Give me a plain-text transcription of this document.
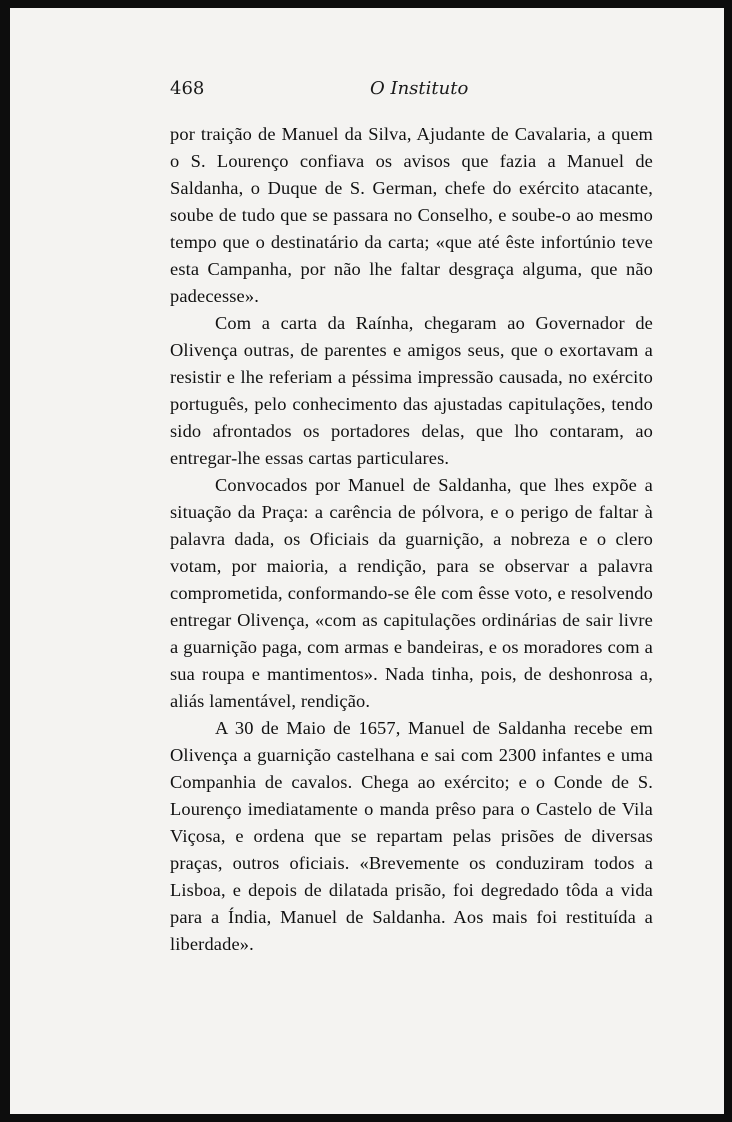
468	O Instituto

por traição de Manuel da Silva, Ajudante de Cavalaria, a quem o S. Lourenço confiava os avisos que fazia a Manuel de Saldanha, o Duque de S. German, chefe do exército atacante, soube de tudo que se passara no Conselho, e soube-o ao mesmo tempo que o destinatário da carta; «que até êste infortúnio teve esta Campanha, por não lhe faltar desgraça alguma, que não padecesse».

Com a carta da Raínha, chegaram ao Governador de Olivença outras, de parentes e amigos seus, que o exortavam a resistir e lhe referiam a péssima impressão causada, no exército português, pelo conhecimento das ajustadas capitulações, tendo sido afrontados os portadores delas, que lho contaram, ao entregar-lhe essas cartas particulares.

Convocados por Manuel de Saldanha, que lhes expõe a situação da Praça: a carência de pólvora, e o perigo de faltar à palavra dada, os Oficiais da guarnição, a nobreza e o clero votam, por maioria, a rendição, para se observar a palavra comprometida, conformando-se êle com êsse voto, e resolvendo entregar Olivença, «com as capitulações ordinárias de sair livre a guarnição paga, com armas e bandeiras, e os moradores com a sua roupa e mantimentos». Nada tinha, pois, de deshonrosa a, aliás lamentável, rendição.

A 30 de Maio de 1657, Manuel de Saldanha recebe em Olivença a guarnição castelhana e sai com 2300 infantes e uma Companhia de cavalos. Chega ao exército; e o Conde de S. Lourenço imediatamente o manda prêso para o Castelo de Vila Viçosa, e ordena que se repartam pelas prisões de diversas praças, outros oficiais. «Brevemente os conduziram todos a Lisboa, e depois de dilatada prisão, foi degredado tôda a vida para a Índia, Manuel de Saldanha. Aos mais foi restituída a liberdade».
